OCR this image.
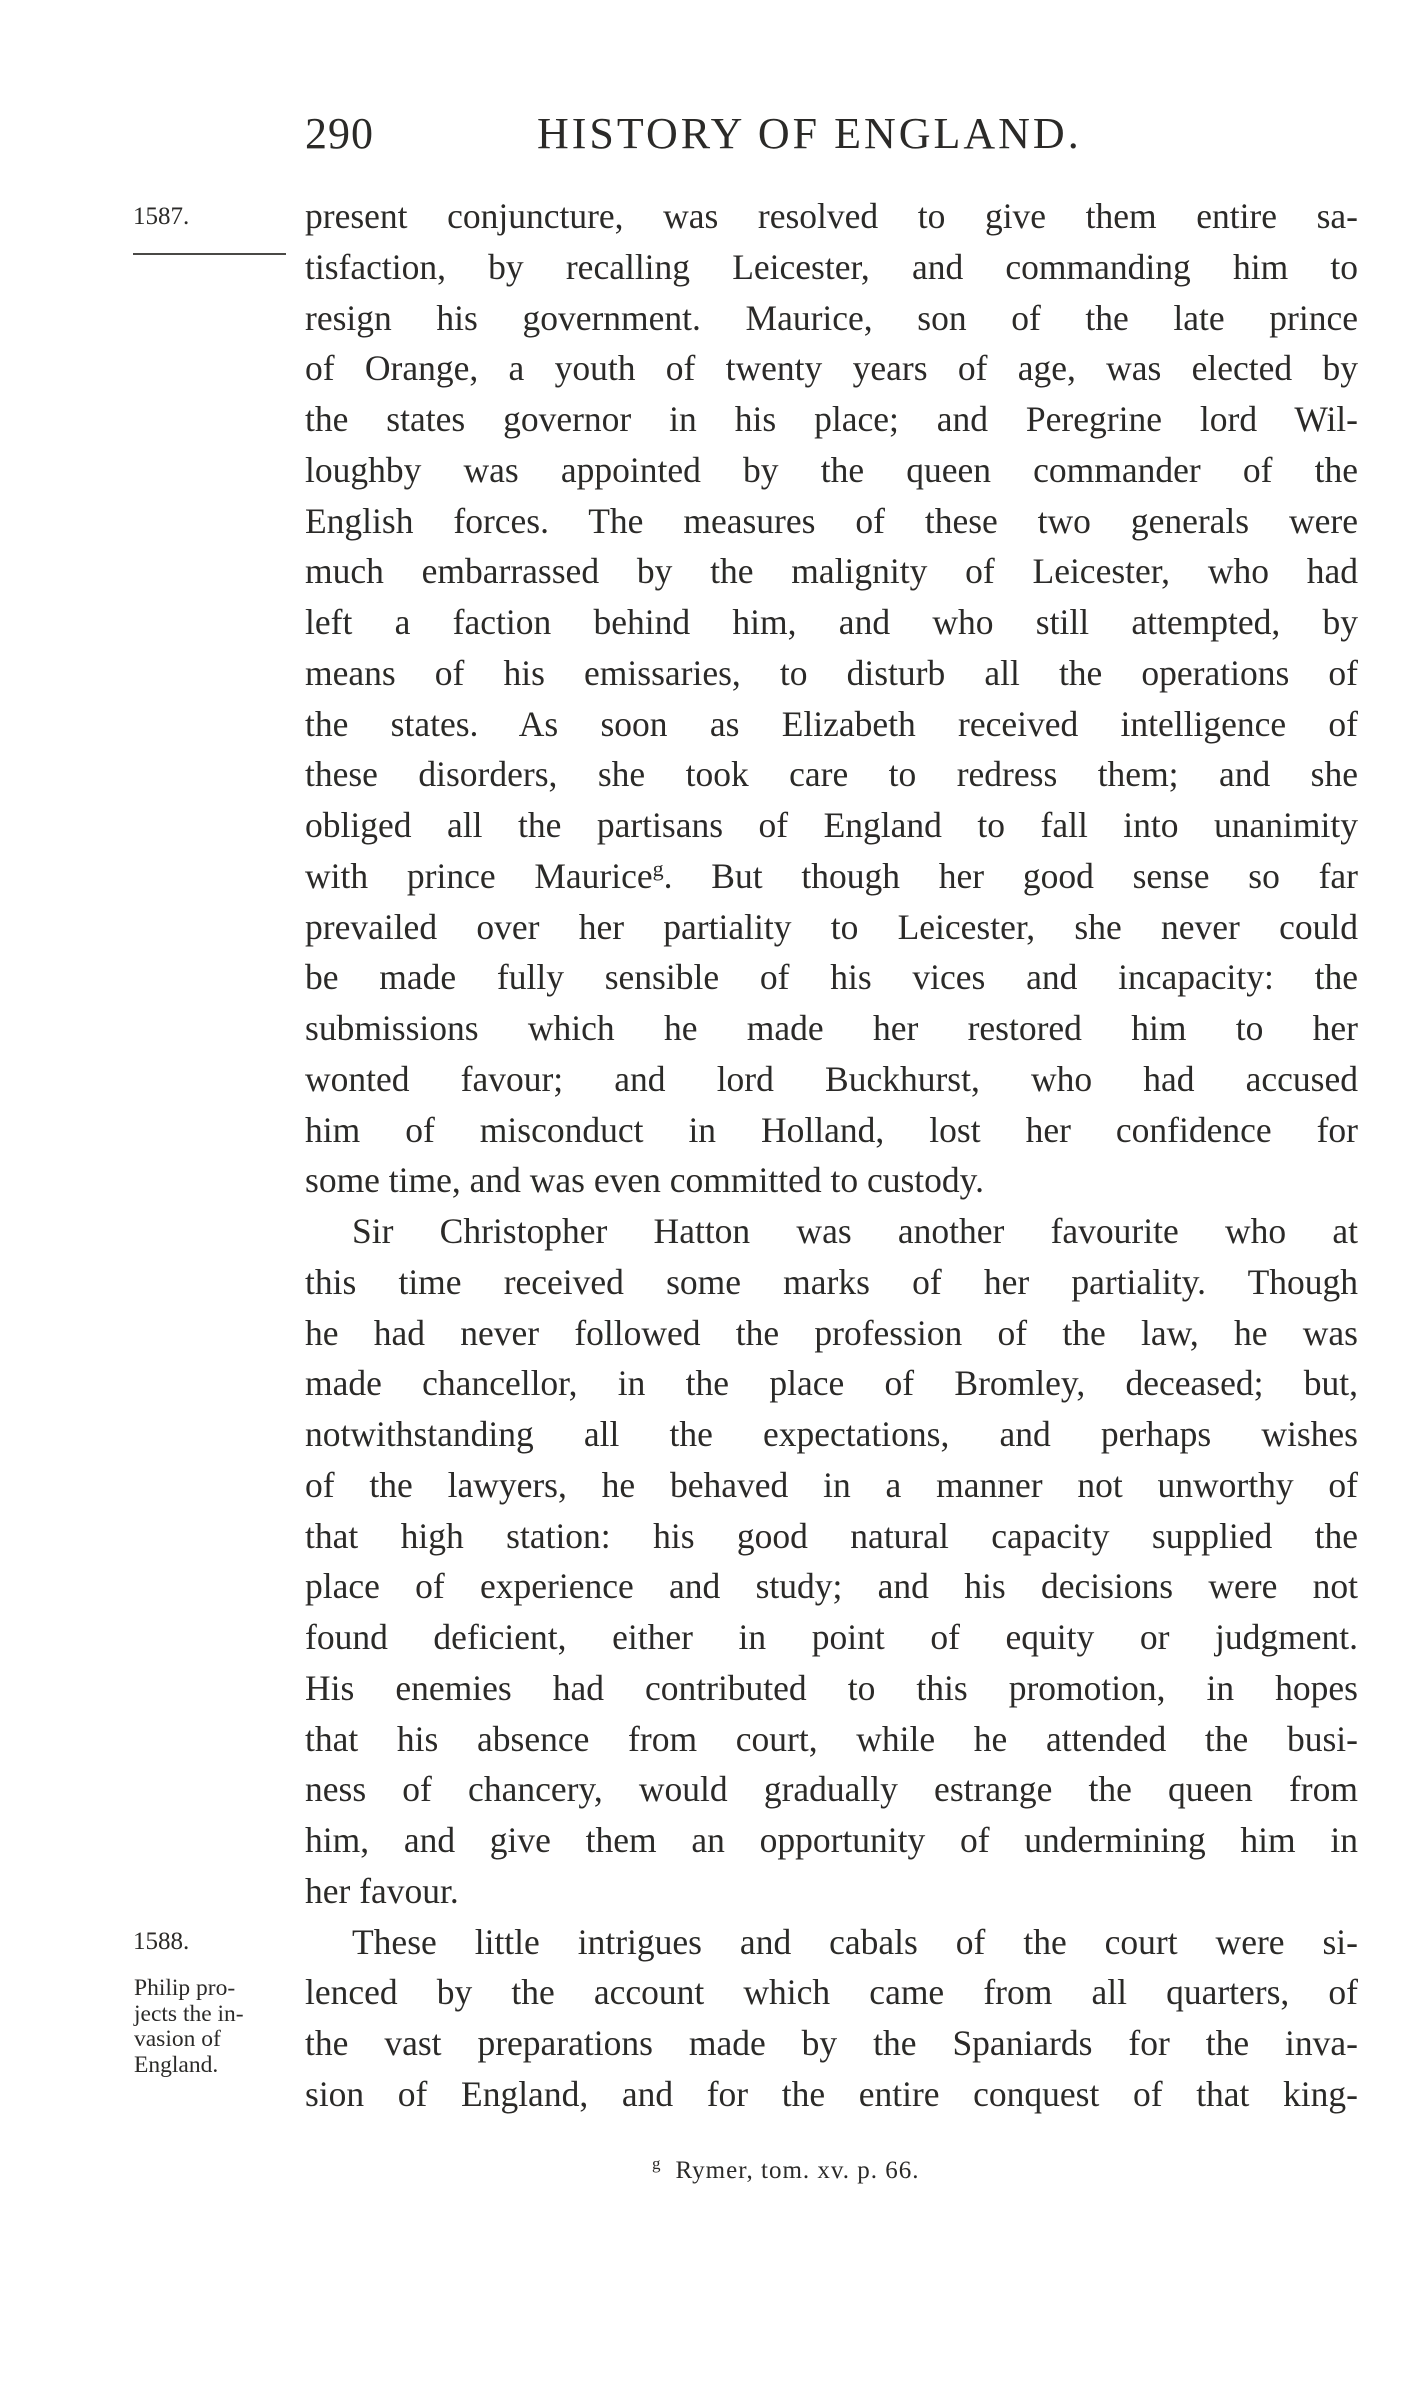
290	HISTORY OF ENGLAND.
1587.
1588.
Philip pro-
jects the in-
vasion of
England.
present conjuncture, was resolved to give them entire sa-
tisfaction, by recalling Leicester, and commanding him to
resign his government. Maurice, son of the late prince
of Orange, a youth of twenty years of age, was elected by
the states governor in his place; and Peregrine lord Wil-
loughby was appointed by the queen commander of the
English forces. The measures of these two generals were
much embarrassed by the malignity of Leicester, who had
left a faction behind him, and who still attempted, by
means of his emissaries, to disturb all the operations of
the states. As soon as Elizabeth received intelligence of
these disorders, she took care to redress them; and she
obliged all the partisans of England to fall into unanimity
with prince Maurice$^g$. But though her good sense so far
prevailed over her partiality to Leicester, she never could
be made fully sensible of his vices and incapacity: the
submissions which he made her restored him to her
wonted favour; and lord Buckhurst, who had accused
him of misconduct in Holland, lost her confidence for
some time, and was even committed to custody.
Sir Christopher Hatton was another favourite who at
this time received some marks of her partiality. Though
he had never followed the profession of the law, he was
made chancellor, in the place of Bromley, deceased; but,
notwithstanding all the expectations, and perhaps wishes
of the lawyers, he behaved in a manner not unworthy of
that high station: his good natural capacity supplied the
place of experience and study; and his decisions were not
found deficient, either in point of equity or judgment.
His enemies had contributed to this promotion, in hopes
that his absence from court, while he attended the busi-
ness of chancery, would gradually estrange the queen from
him, and give them an opportunity of undermining him in
her favour.
These little intrigues and cabals of the court were si-
lenced by the account which came from all quarters, of
the vast preparations made by the Spaniards for the inva-
sion of England, and for the entire conquest of that king-
$^g$ Rymer, tom. xv. p. 66.
